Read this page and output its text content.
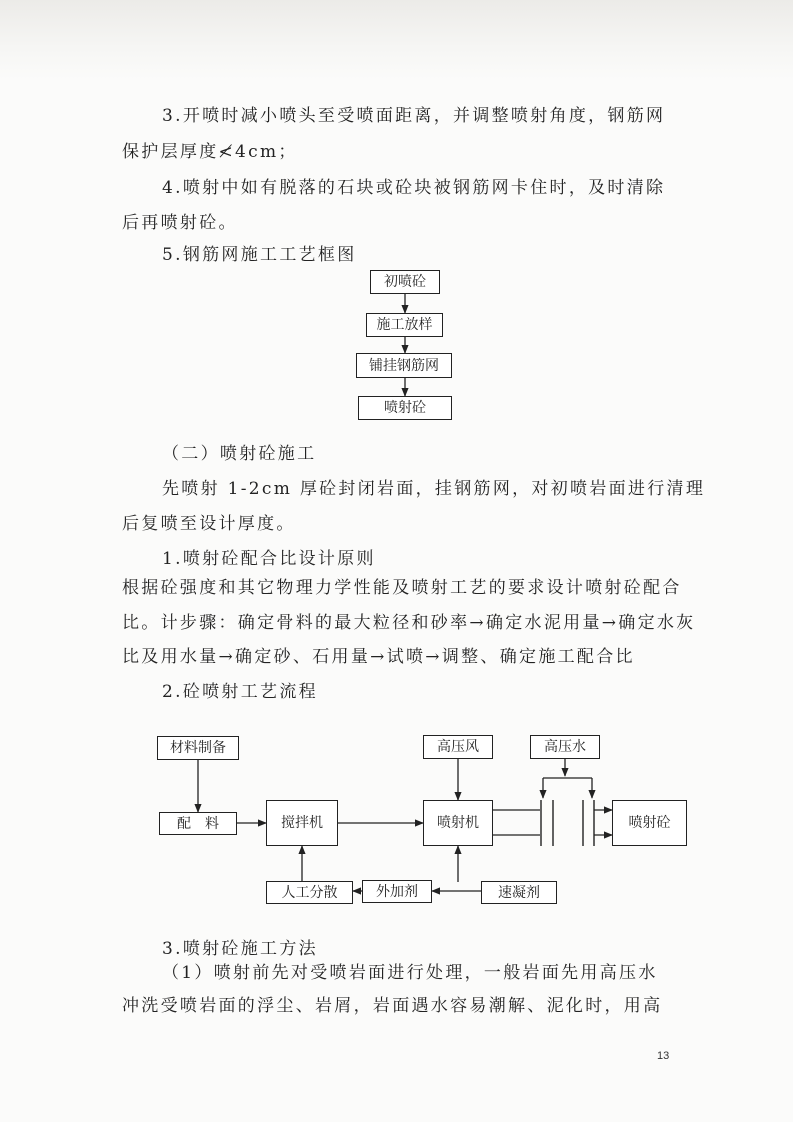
3.开喷时减小喷头至受喷面距离，并调整喷射角度，钢筋网
保护层厚度≮4cm；
4.喷射中如有脱落的石块或砼块被钢筋网卡住时，及时清除
后再喷射砼。
5.钢筋网施工工艺框图
初喷砼
施工放样
铺挂钢筋网
喷射砼
（二）喷射砼施工
先喷射 1-2cm 厚砼封闭岩面，挂钢筋网，对初喷岩面进行清理
后复喷至设计厚度。
1.喷射砼配合比设计原则
根据砼强度和其它物理力学性能及喷射工艺的要求设计喷射砼配合
比。计步骤：确定骨料的最大粒径和砂率→确定水泥用量→确定水灰
比及用水量→确定砂、石用量→试喷→调整、确定施工配合比
2.砼喷射工艺流程
材料制备
配　料	搅拌机
人工分散	外加剂
高压风	高压水
喷射机
速凝剂
喷射砼
3.喷射砼施工方法
（1）喷射前先对受喷岩面进行处理，一般岩面先用高压水
冲洗受喷岩面的浮尘、岩屑，岩面遇水容易潮解、泥化时，用高
13
